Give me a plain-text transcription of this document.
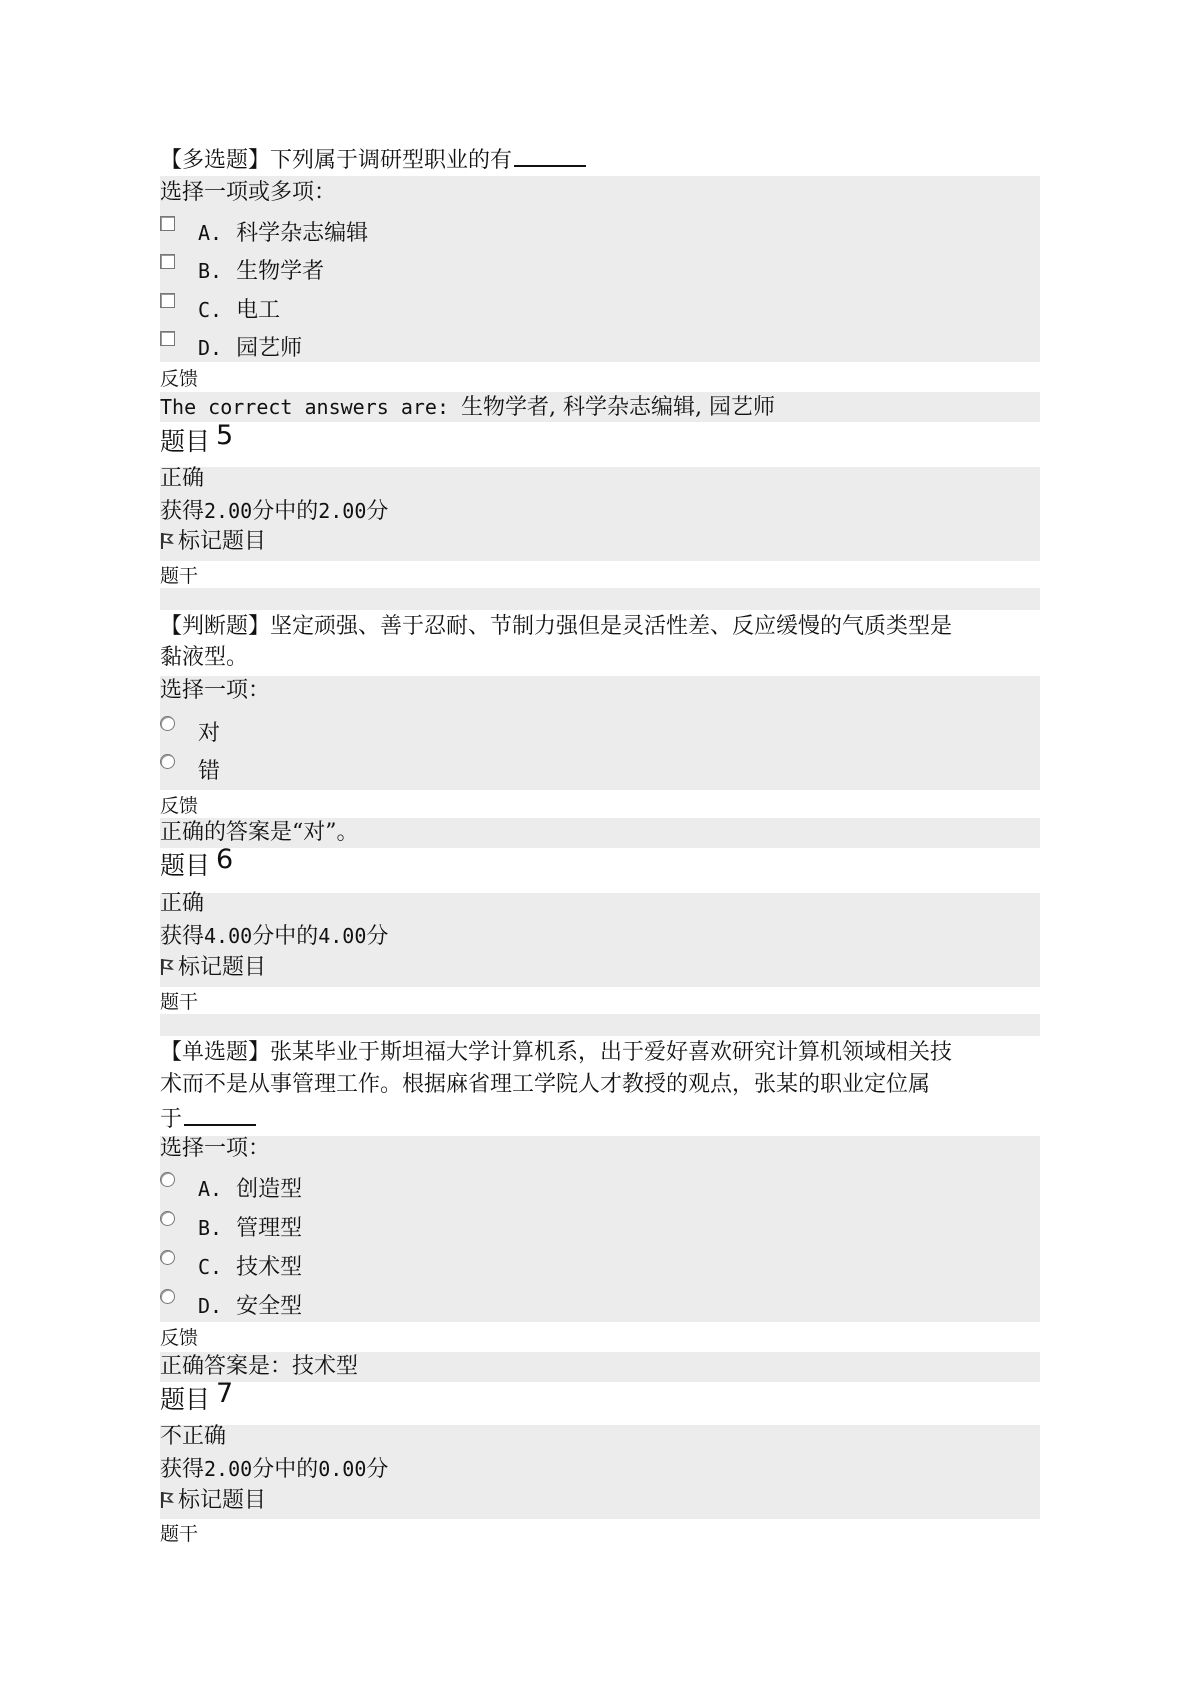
【多选题】下列属于调研型职业的有
选择一项或多项：
A. 科学杂志编辑
B. 生物学者
C. 电工
D. 园艺师
反馈
The correct answers are: 生物学者, 科学杂志编辑, 园艺师
题目 5
正确
获得2.00分中的2.00分
标记题目
题干
【判断题】坚定顽强、善于忍耐、节制力强但是灵活性差、反应缓慢的气质类型是
黏液型。
选择一项：
对
错
反馈
正确的答案是“对”。
题目 6
正确
获得4.00分中的4.00分
标记题目
题干
【单选题】张某毕业于斯坦福大学计算机系，出于爱好喜欢研究计算机领域相关技
术而不是从事管理工作。根据麻省理工学院人才教授的观点，张某的职业定位属
于
选择一项：
A. 创造型
B. 管理型
C. 技术型
D. 安全型
反馈
正确答案是：技术型
题目 7
不正确
获得2.00分中的0.00分
标记题目
题干
